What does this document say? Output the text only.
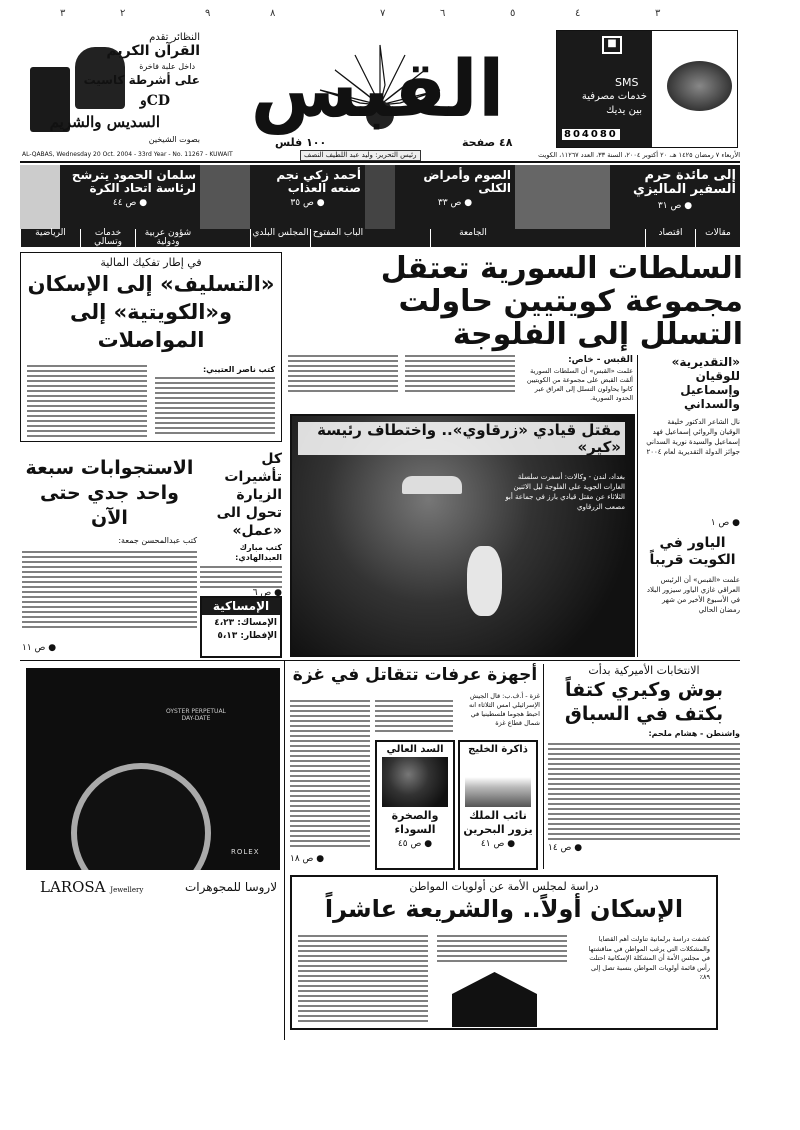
٣	٢	٩	٨	٧	٦	٥	٤	٣
النظائر تقدم
القرآن الكريم
داخل علبة فاخرة
على أشرطة كاسيت
CDو
السديس والشريم
بصوت الشيخين
القبس
١٠٠ فلس	٤٨ صفحة
رئيس التحرير: وليد عبد اللطيف النصف
■
SMS
خدمات مصرفية
بين يديك
804080
AL-QABAS, Wednesday 20 Oct. 2004 - 33rd Year - No. 11267 - KUWAIT	الأربعاء ٧ رمضان ١٤٢٥ هـ، ٢٠ أكتوبر ٢٠٠٤، السنة ٣٣، العدد ١١٢٦٧، الكويت
إلى مائدة حرم السفير الماليزي
● ص ٣١
الصوم وأمراض الكلى
● ص ٣٣
أحمد زكي نجم صنعه العذاب
● ص ٣٥
سلمان الحمود يترشح لرئاسة اتحاد الكرة
● ص ٤٤
مقالات
اقتصاد
الجامعة
الباب المفتوح
المجلس البلدي
شؤون عربية ودولية
خدمات وتسالي
الرياضية
السلطات السورية تعتقل مجموعة كويتيين حاولت التسلل إلى الفلوجة
القبس - خاص:
علمت «القبس» أن السلطات السورية ألقت القبض على مجموعة من الكويتيين كانوا يحاولون التسلل إلى العراق عبر الحدود السورية.
مقتل قيادي «زرقاوي».. واختطاف رئيسة «كير»
بغداد، لندن - وكالات: أسفرت سلسلة الغارات الجوية على الفلوجة ليل الاثنين الثلاثاء عن مقتل قيادي بارز في جماعة أبو مصعب الزرقاوي
«التقديرية» للوقيان وإسماعيل والسداني
نال الشاعر الدكتور خليفة الوقيان والروائي إسماعيل فهد إسماعيل والسيدة نورية السداني جوائز الدولة التقديرية لعام ٢٠٠٤
● ص ١
الياور في الكويت قريباً
علمت «القبس» أن الرئيس العراقي غازي الياور سيزور البلاد في الأسبوع الأخير من شهر رمضان الحالي
في إطار تفكيك المالية
«التسليف» إلى الإسكان و«الكويتية» إلى المواصلات
كتب ناصر العتيبي:
كل تأشيرات الزيارة تحول الى «عمل»
كتب مبارك العبدالهادي:
● ص ٦
الاستجوابات سبعة واحد جدي حتى الآن
كتب عبدالمحسن جمعة:
● ص ١١
الإمساكية
الإمساك: ٤،٢٣
الإفطار: ٥،١٣
OYSTER PERPETUAL
DAY-DATE
ROLEX
LAROSA Jewellery	لاروسا للمجوهرات
أجهزة عرفات تتقاتل في غزة
غزة - أ.ف.ب: قال الجيش الإسرائيلي امس الثلاثاء انه احبط هجوما فلسطينيا في شمال قطاع غزة
● ص ١٨
ذاكرة الخليج
نائب الملك يزور البحرين
● ص ٤١
السد العالي
والصخرة السوداء
● ص ٤٥
الانتخابات الأميركية بدأت
بوش وكيري كتفاً بكتف في السباق
واشنطن - هشام ملحم:
● ص ١٤
دراسة لمجلس الأمة عن أولويات المواطن
الإسكان أولاً.. والشريعة عاشراً
كشفت دراسة برلمانية تناولت أهم القضايا والمشكلات التي يرغب المواطن في مناقشتها في مجلس الأمة أن المشكلة الإسكانية احتلت رأس قائمة أولويات المواطن بنسبة تصل إلى ٨٩٪
